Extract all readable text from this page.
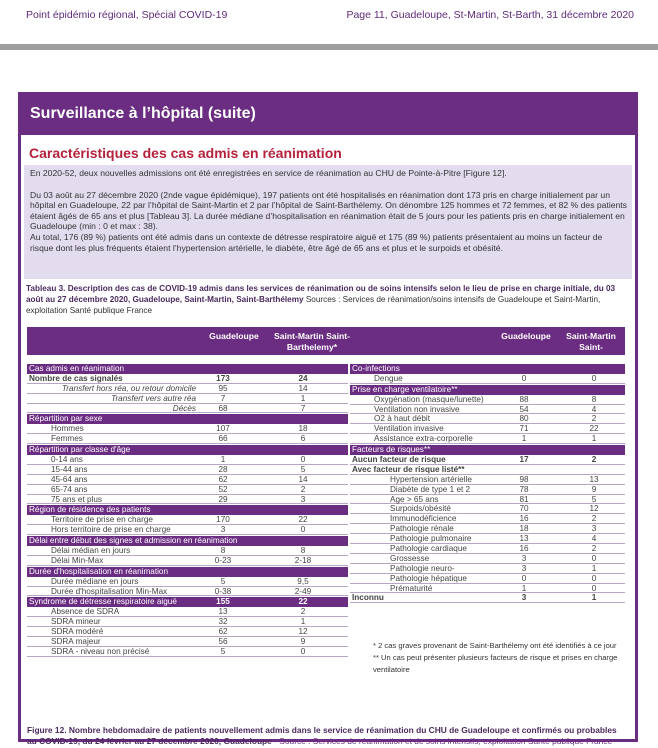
Point épidémio régional, Spécial COVID-19	Page 11, Guadeloupe, St-Martin, St-Barth, 31 décembre 2020
Surveillance à l’hôpital (suite)
Caractéristiques des cas admis en réanimation

En 2020-52, deux nouvelles admissions ont été enregistrées en service de réanimation au CHU de Pointe-à-Pitre [Figure 12].

Du 03 août au 27 décembre 2020 (2nde vague épidémique), 197 patients ont été hospitalisés en réanimation dont 173 pris en charge initialement par un hôpital en Guadeloupe, 22 par l’hôpital de Saint-Martin et 2 par l’hôpital de Saint-Barthélemy. On dénombre 125 hommes et 72 femmes, et 82 % des patients étaient âgés de 65 ans et plus [Tableau 3]. La durée médiane d’hospitalisation en réanimation était de 5 jours pour les patients pris en charge initialement en Guadeloupe (min : 0 et max : 38).

Au total, 176 (89 %) patients ont été admis dans un contexte de détresse respiratoire aiguë et 175 (89 %) patients présentaient au moins un facteur de risque dont les plus fréquents étaient l’hypertension artérielle, le diabète, être âgé de 65 ans et plus et le surpoids et obésité.

Tableau 3. Description des cas de COVID-19 admis dans les services de réanimation ou de soins intensifs selon le lieu de prise en charge initiale, du 03 août au 27 décembre 2020, Guadeloupe, Saint-Martin, Saint-Barthélemy Sources : Services de réanimation/soins intensifs de Guadeloupe et Saint-Martin, exploitation Santé publique France
Guadeloupe	Saint-Martin Saint-Barthelemy*
Guadeloupe	Saint-Martin Saint-Barthelemy*
Cas admis en réanimation
Nombre de cas signalés	173	24
Transfert hors réa, ou retour domicile	95	14
Transfert vers autre réa	7	1
Décès	68	7
Répartition par sexe
Hommes	107	18
Femmes	66	6
Répartition par classe d'âge
0-14 ans	1	0
15-44 ans	28	5
45-64 ans	62	14
65-74 ans	52	2
75 ans et plus	29	3
Région de résidence des patients
Territoire de prise en charge	170	22
Hors territoire de prise en charge	3	0
Délai entre début des signes et admission en réanimation
Délai médian en jours	8	8
Délai Min-Max	0-23	2-18
Durée d'hospitalisation en réanimation
Durée médiane en jours	5	9,5
Durée d'hospitalisation Min-Max	0-38	2-49
Syndrome de détresse respiratoire aiguë	155	22
Absence de SDRA	13	2
SDRA mineur	32	1
SDRA modéré	62	12
SDRA majeur	56	9
SDRA - niveau non précisé	5	0
Co-infections
Dengue	0	0
Prise en charge ventilatoire**
Oxygénation (masque/lunette)	88	8
Ventilation non invasive	54	4
O2 à haut débit	80	2
Ventilation invasive	71	22
Assistance extra-corporelle	1	1
Facteurs de risques**
Aucun facteur de risque	17	2
Avec facteur de risque listé**
Hypertension artérielle	98	13
Diabète de type 1 et 2	78	9
Age > 65 ans	81	5
Surpoids/obésité	70	12
Immunodéficience	16	2
Pathologie rénale	18	3
Pathologie pulmonaire	13	4
Pathologie cardiaque	16	2
Grossesse	3	0
Pathologie neuro-	3	1
Pathologie hépatique	0	0
Prématurité	1	0
Inconnu	3	1
* 2 cas graves provenant de Saint-Barthélemy ont été identifiés à ce jour
** Un cas peut présenter plusieurs facteurs de risque et prises en charge ventilatoire
Figure 12. Nombre hebdomadaire de patients nouvellement admis dans le service de réanimation du CHU de Guadeloupe et confirmés ou probables au COVID-19, du 24 février au 27 décembre 2020, Guadeloupe - Source : Services de réanimation et de soins intensifs, exploitation Santé publique France
